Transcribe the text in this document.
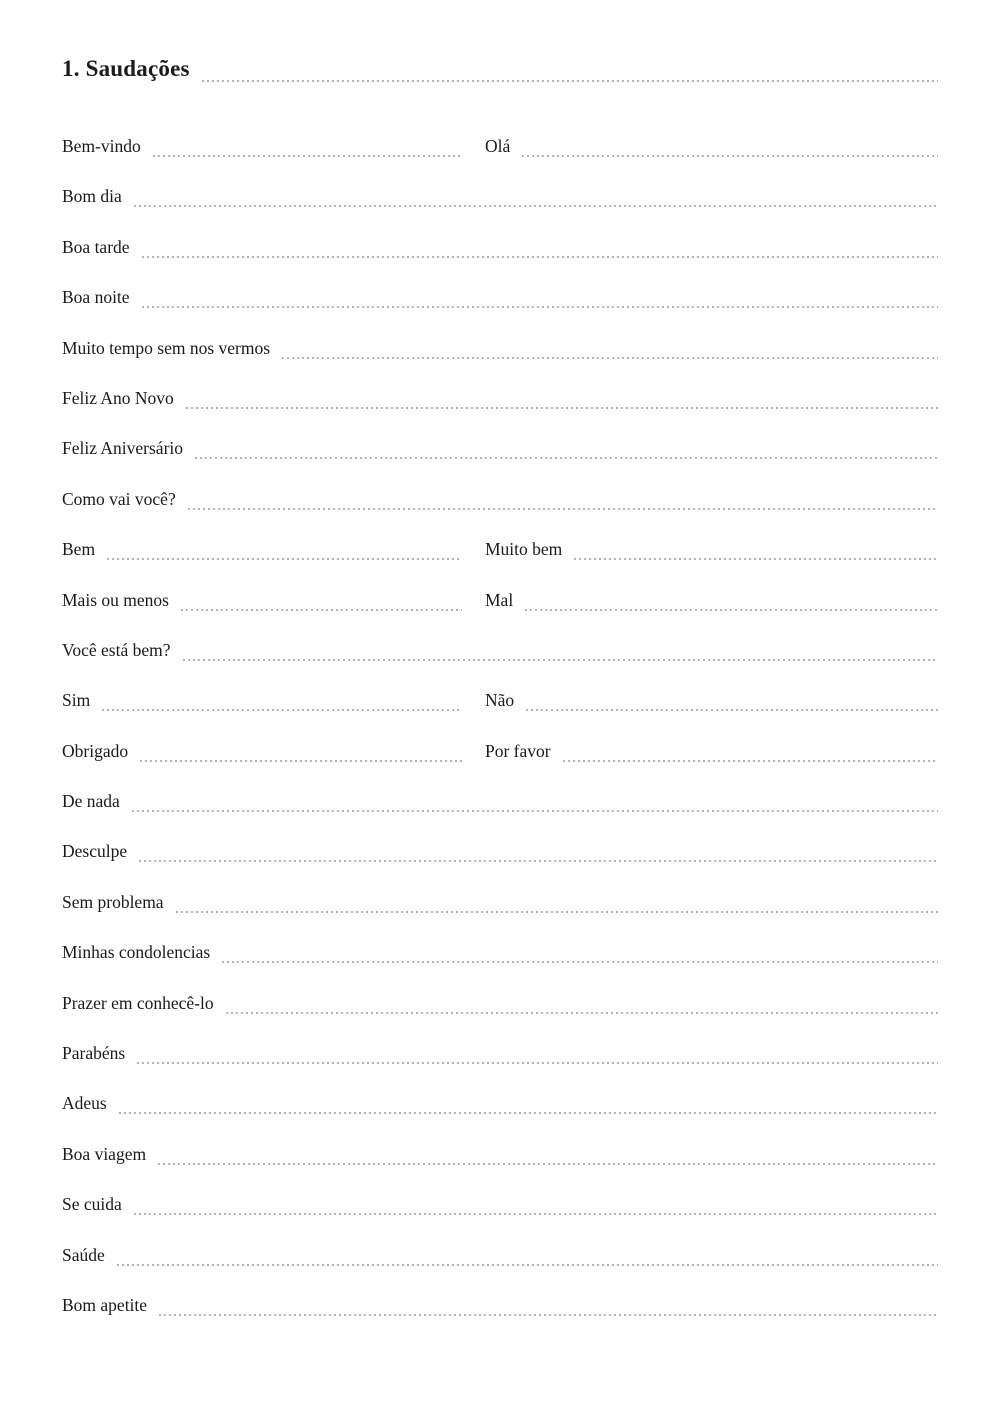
1. Saudações
Bem-vindo	Olá
Bom dia
Boa tarde
Boa noite
Muito tempo sem nos vermos
Feliz Ano Novo
Feliz Aniversário
Como vai você?
Bem	Muito bem
Mais ou menos	Mal
Você está bem?
Sim	Não
Obrigado	Por favor
De nada
Desculpe
Sem problema
Minhas condolencias
Prazer em conhecê-lo
Parabéns
Adeus
Boa viagem
Se cuida
Saúde
Bom apetite
